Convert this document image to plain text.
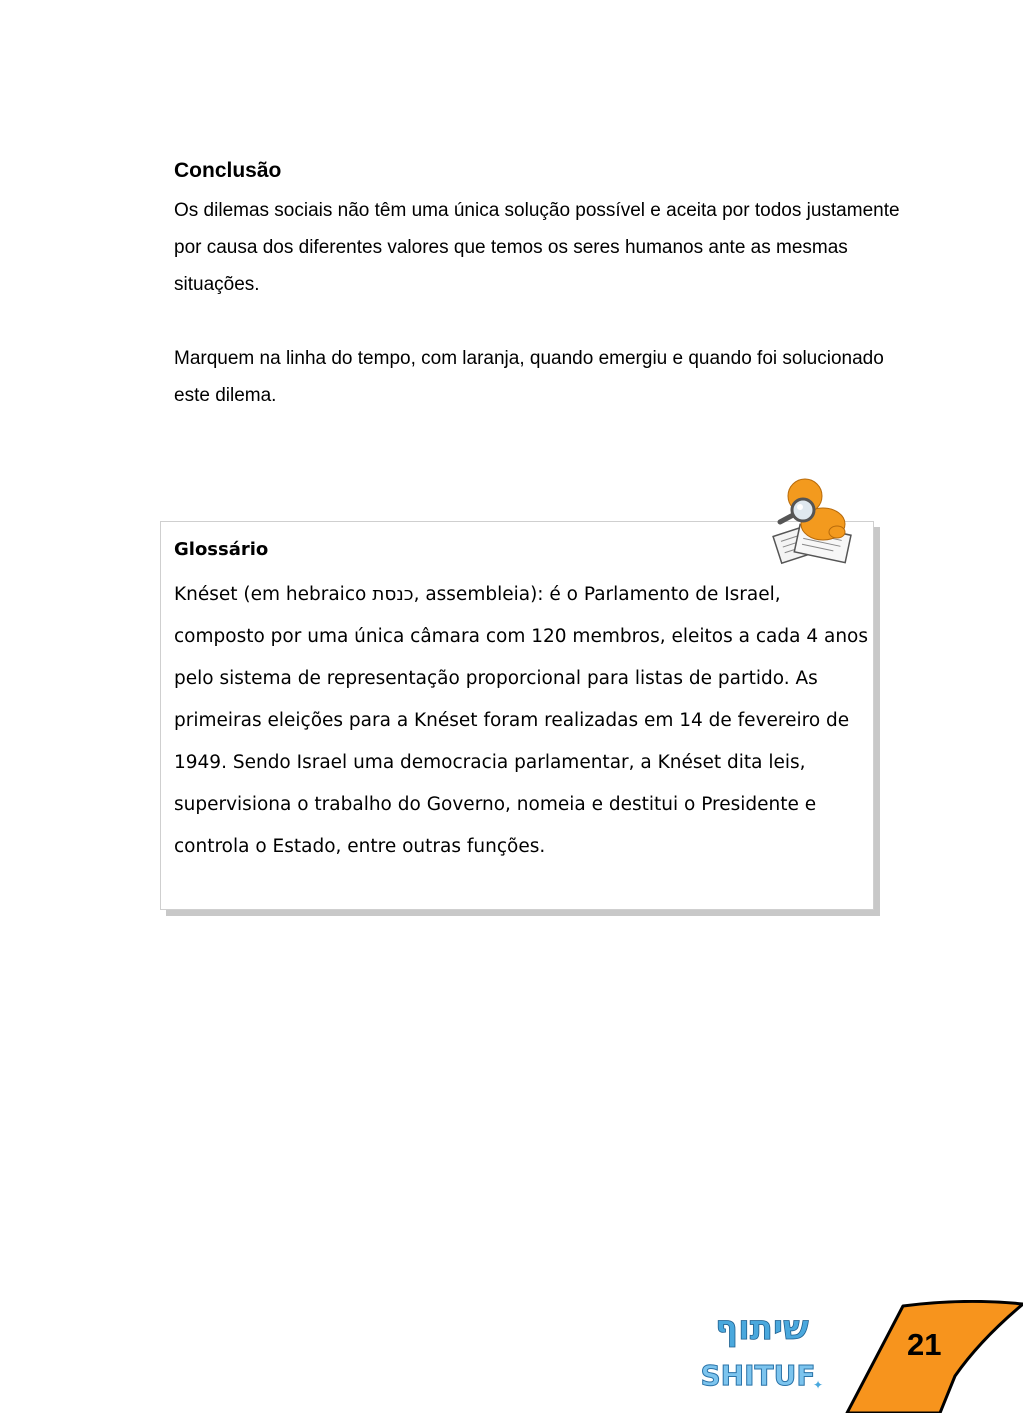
Conclusão

Os dilemas sociais não têm uma única solução possível e aceita por todos justamente por causa dos diferentes valores que temos os seres humanos ante as mesmas situações.

Marquem na linha do tempo, com laranja, quando emergiu e quando foi solucionado este dilema.

Glossário

Knéset (em hebraico כנסת, assembleia): é o Parlamento de Israel, composto por uma única câmara com 120 membros, eleitos a cada 4 anos pelo sistema de representação proporcional para listas de partido. As primeiras eleições para a Knéset foram realizadas em 14 de fevereiro de 1949. Sendo Israel uma democracia parlamentar, a Knéset dita leis, supervisiona o trabalho do Governo, nomeia e destitui o Presidente e controla o Estado, entre outras funções.

שיתוף
SHITUF
✦
21
